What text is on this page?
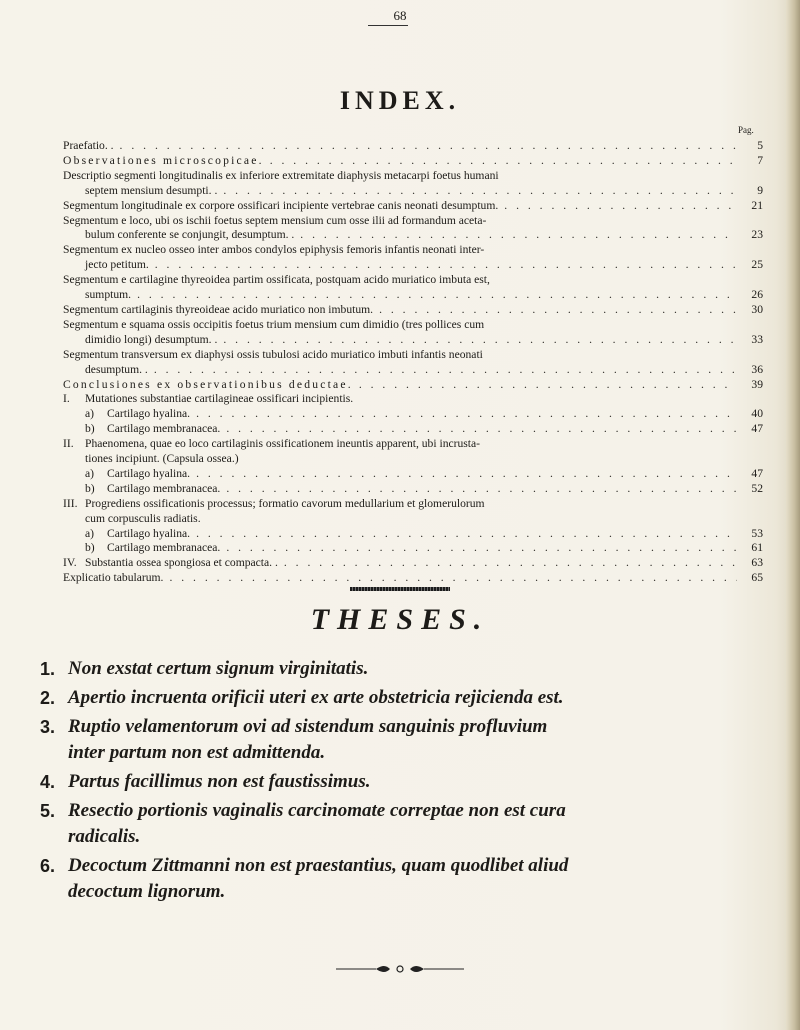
68
INDEX.
Pag.
Praefatio. . . . .	5
Observationes microscopicae. . . .	7
Descriptio segmenti longitudinalis ex inferiore extremitate diaphysis metacarpi foetus humani
septem mensium desumpti. . . . .	9
Segmentum longitudinale ex corpore ossificari incipiente vertebrae canis neonati desumptum. . . .	21
Segmentum e loco, ubi os ischii foetus septem mensium cum osse ilii ad formandum aceta-
bulum conferente se conjungit, desumptum. . . . .	23
Segmentum ex nucleo osseo inter ambos condylos epiphysis femoris infantis neonati inter-
jecto petitum. . . .	25
Segmentum e cartilagine thyreoidea partim ossificata, postquam acido muriatico imbuta est,
sumptum. . . .	26
Segmentum cartilaginis thyreoideae acido muriatico non imbutum. . . .	30
Segmentum e squama ossis occipitis foetus trium mensium cum dimidio (tres pollices cum
dimidio longi) desumptum. . . . .	33
Segmentum transversum ex diaphysi ossis tubulosi acido muriatico imbuti infantis neonati
desumptum. . . . .	36
Conclusiones ex observationibus deductae. . . .	39
I. Mutationes substantiae cartilagineae ossificari incipientis.
a) Cartilago hyalina. . . .	40
b) Cartilago membranacea. . . .	47
II. Phaenomena, quae eo loco cartilaginis ossificationem ineuntis apparent, ubi incrusta-
tiones incipiunt. (Capsula ossea.)
a) Cartilago hyalina. . . .	47
b) Cartilago membranacea. . . .	52
III. Progrediens ossificationis processus; formatio cavorum medullarium et glomerulorum
cum corpusculis radiatis.
a) Cartilago hyalina. . . .	53
b) Cartilago membranacea. . . .	61
IV. Substantia ossea spongiosa et compacta. . . . .	63
Explicatio tabularum. . . .	65
THESES.
1. Non exstat certum signum virginitatis.
2. Apertio incruenta orificii uteri ex arte obstetricia rejicienda est.
3. Ruptio velamentorum ovi ad sistendum sanguinis profluvium
inter partum non est admittenda.
4. Partus facillimus non est faustissimus.
5. Resectio portionis vaginalis carcinomate correptae non est cura
radicalis.
6. Decoctum Zittmanni non est praestantius, quam quodlibet aliud
decoctum lignorum.
